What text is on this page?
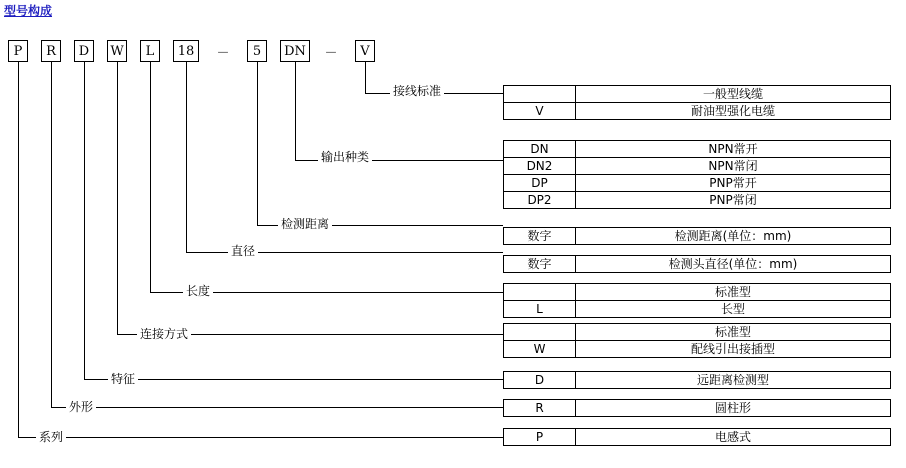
型号构成
P	R	D	W	L	18	5	DN	V
－	－
接线标准
输出种类
检测距离
直径
长度
连接方式
特征
外形
系列
	一般型线缆
V	耐油型强化电缆
DN	NPN常开
DN2	NPN常闭
DP	PNP常开
DP2	PNP常闭
数字	检测距离(单位：mm)
数字	检测头直径(单位：mm)
	标准型
L	长型
	标准型
W	配线引出接插型
D	远距离检测型
R	圆柱形
P	电感式
